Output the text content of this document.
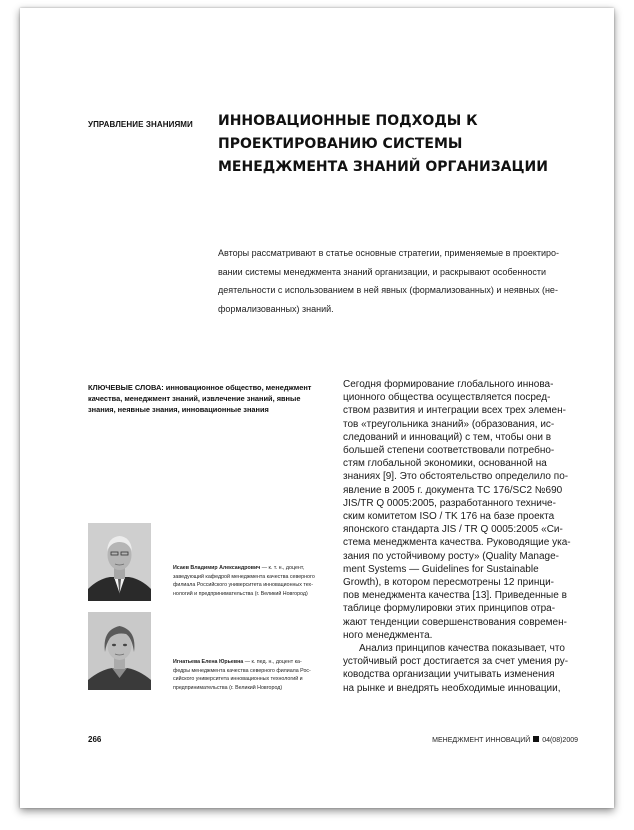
УПРАВЛЕНИЕ ЗНАНИЯМИ ИННОВАЦИОННЫЕ ПОДХОДЫ К
ПРОЕКТИРОВАНИЮ СИСТЕМЫ
МЕНЕДЖМЕНТА ЗНАНИЙ ОРГАНИЗАЦИИ
Авторы рассматривают в статье основные стратегии, применяемые в проектиро-
вании системы менеджмента знаний организации, и раскрывают особенности
деятельности с использованием в ней явных (формализованных) и неявных (не-
формализованных) знаний.
КЛЮЧЕВЫЕ СЛОВА: инновационное общество, менеджмент
качества, менеджмент знаний, извлечение знаний, явные
знания, неявные знания, инновационные знания
Сегодня формирование глобального иннова-
ционного общества осуществляется посред-
ством развития и интеграции всех трех элемен-
тов «треугольника знаний» (образования, ис-
следований и инноваций) с тем, чтобы они в
большей степени соответствовали потребно-
стям глобальной экономики, основанной на
знаниях [9]. Это обстоятельство определило по-
явление в 2005 г. документа TC 176/SC2 №690
JIS/TR Q 0005:2005, разработанного техниче-
ским комитетом ISO / TK 176 на базе проекта
японского стандарта JIS / TR Q 0005:2005 «Си-
стема менеджмента качества. Руководящие ука-
зания по устойчивому росту» (Quality Manage-
ment Systems — Guidelines for Sustainable
Growth), в котором пересмотрены 12 принци-
пов менеджмента качества [13]. Приведенные в
таблице формулировки этих принципов отра-
жают тенденции совершенствования современ-
ного менеджмента.
Анализ принципов качества показывает, что
устойчивый рост достигается за счет умения ру-
ководства организации учитывать изменения
на рынке и внедрять необходимые инновации,
Исаев Владимир Александрович — к. т. н., доцент,
заведующий кафедрой менеджмента качества северного
филиала Российского университета инновационных тех-
нологий и предпринимательства (г. Великий Новгород)
Игнатьева Елена Юрьевна — к. пед. н., доцент ка-
федры менеджмента качества северного филиала Рос-
сийского университета инновационных технологий и
предпринимательства (г. Великий Новгород)
266	МЕНЕДЖМЕНТ ИННОВАЦИЙ 04(08)2009
